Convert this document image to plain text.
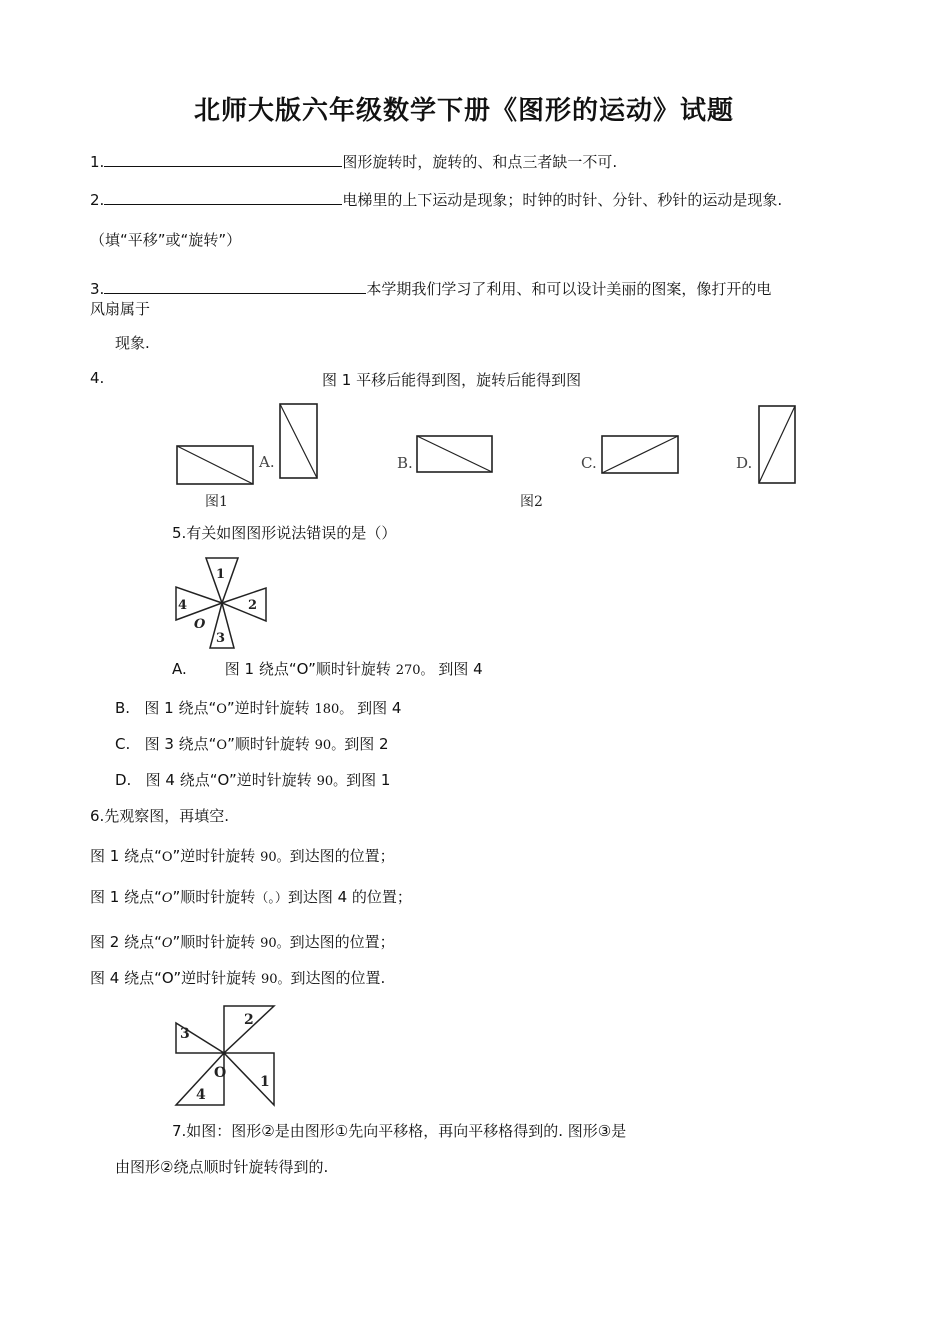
北师大版六年级数学下册《图形的运动》试题
1.	图形旋转时，旋转的、和点三者缺一不可.
2.	电梯里的上下运动是现象；时钟的时针、分针、秒针的运动是现象.
（填“平移”或“旋转”）
3.	本学期我们学习了利用、和可以设计美丽的图案，像打开的电
风扇属于
现象.
4.	图 1 平移后能得到图，旋转后能得到图
图1
A.	B.
图2
C.	D.
5.有关如图图形说法错误的是（）
1
2
3
4
O
A.	图 1 绕点“O”顺时针旋转 270。 到图 4
B. 图 1 绕点“O”逆时针旋转 180。 到图 4
C. 图 3 绕点“O”顺时针旋转 90。到图 2
D. 图 4 绕点“O”逆时针旋转 90。到图 1
6.先观察图，再填空.
图 1 绕点“O”逆时针旋转 90。到达图的位置；
图 1 绕点“O”顺时针旋转（。）到达图 4 的位置；
图 2 绕点“O”顺时针旋转 90。到达图的位置；
图 4 绕点“O”逆时针旋转 90。到达图的位置.
3
2
1
4
O
7.如图：图形②是由图形①先向平移格，再向平移格得到的. 图形③是
由图形②绕点顺时针旋转得到的.
